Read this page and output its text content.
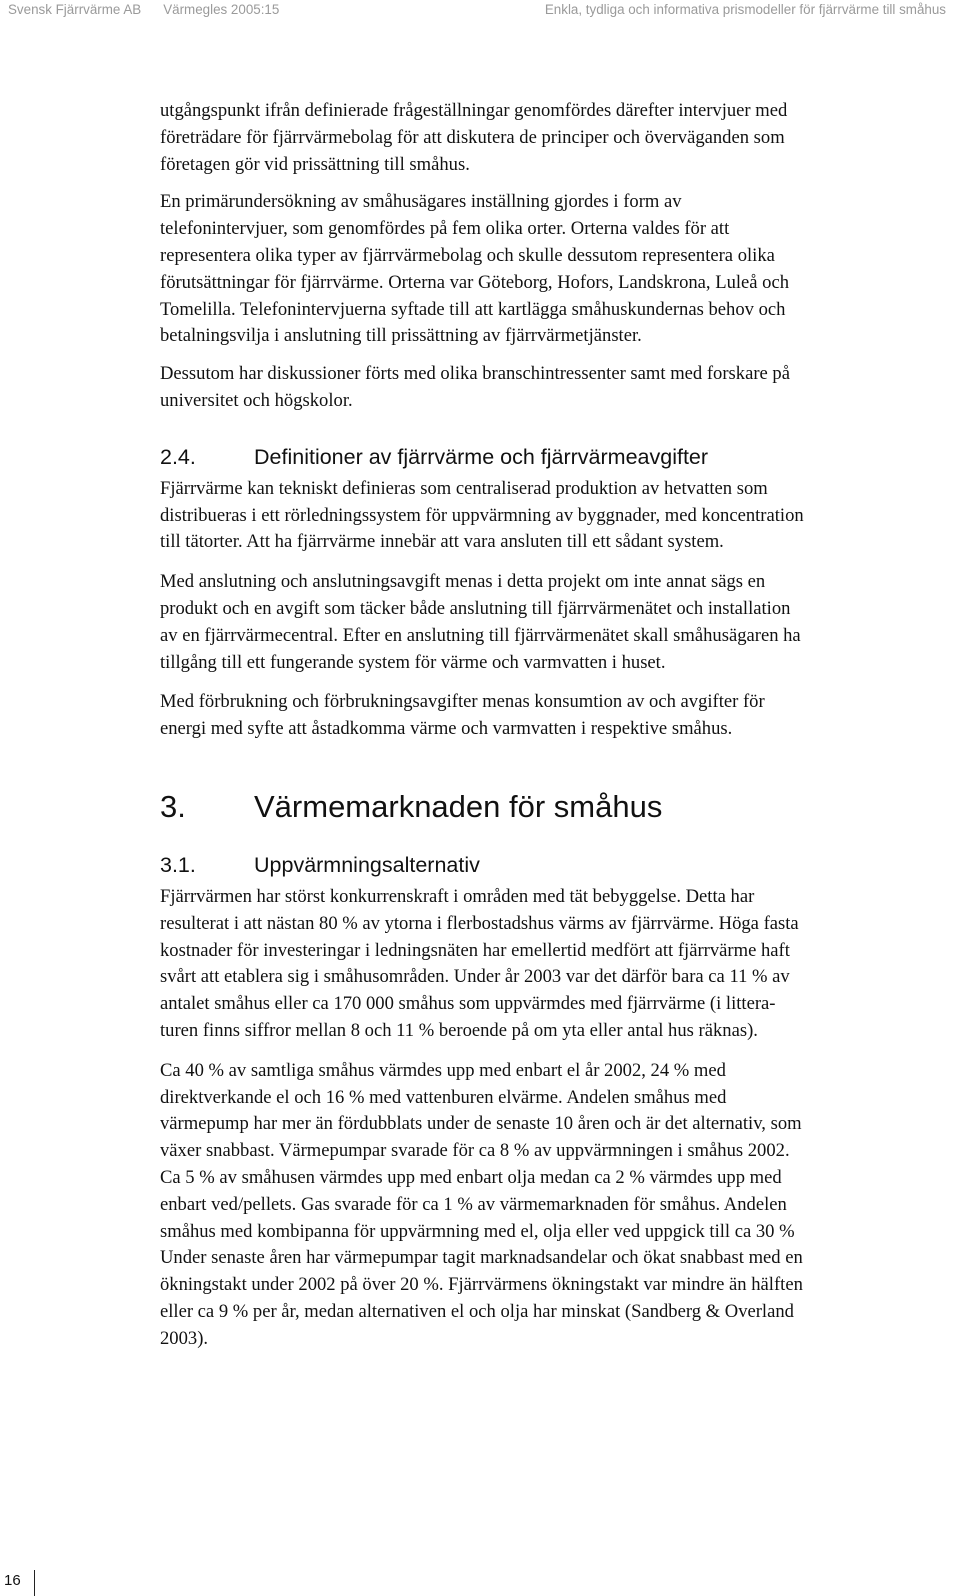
Svensk Fjärrvärme AB Värmegles 2005:15	Enkla, tydliga och informativa prismodeller för fjärrvärme till småhus

utgångspunkt ifrån definierade frågeställningar genomfördes därefter intervjuer med
företrädare för fjärrvärmebolag för att diskutera de principer och överväganden som
företagen gör vid prissättning till småhus.

En primärundersökning av småhusägares inställning gjordes i form av
telefonintervjuer, som genomfördes på fem olika orter. Orterna valdes för att
representera olika typer av fjärrvärmebolag och skulle dessutom representera olika
förutsättningar för fjärrvärme. Orterna var Göteborg, Hofors, Landskrona, Luleå och
Tomelilla. Telefonintervjuerna syftade till att kartlägga småhuskundernas behov och
betalningsvilja i anslutning till prissättning av fjärrvärmetjänster.

Dessutom har diskussioner förts med olika branschintressenter samt med forskare på
universitet och högskolor.

2.4.	Definitioner av fjärrvärme och fjärrvärmeavgifter

Fjärrvärme kan tekniskt definieras som centraliserad produktion av hetvatten som
distribueras i ett rörledningssystem för uppvärmning av byggnader, med koncentration
till tätorter. Att ha fjärrvärme innebär att vara ansluten till ett sådant system.

Med anslutning och anslutningsavgift menas i detta projekt om inte annat sägs en
produkt och en avgift som täcker både anslutning till fjärrvärmenätet och installation
av en fjärrvärmecentral. Efter en anslutning till fjärrvärmenätet skall småhusägaren ha
tillgång till ett fungerande system för värme och varmvatten i huset.

Med förbrukning och förbrukningsavgifter menas konsumtion av och avgifter för
energi med syfte att åstadkomma värme och varmvatten i respektive småhus.

3. Värmemarknaden för småhus
3.1.	Uppvärmningsalternativ

Fjärrvärmen har störst konkurrenskraft i områden med tät bebyggelse. Detta har
resulterat i att nästan 80 % av ytorna i flerbostadshus värms av fjärrvärme. Höga fasta
kostnader för investeringar i ledningsnäten har emellertid medfört att fjärrvärme haft
svårt att etablera sig i småhusområden. Under år 2003 var det därför bara ca 11 % av
antalet småhus eller ca 170 000 småhus som uppvärmdes med fjärrvärme (i littera-
turen finns siffror mellan 8 och 11 % beroende på om yta eller antal hus räknas).

Ca 40 % av samtliga småhus värmdes upp med enbart el år 2002, 24 % med
direktverkande el och 16 % med vattenburen elvärme. Andelen småhus med
värmepump har mer än fördubblats under de senaste 10 åren och är det alternativ, som
växer snabbast. Värmepumpar svarade för ca 8 % av uppvärmningen i småhus 2002.
Ca 5 % av småhusen värmdes upp med enbart olja medan ca 2 % värmdes upp med
enbart ved/pellets. Gas svarade för ca 1 % av värmemarknaden för småhus. Andelen
småhus med kombipanna för uppvärmning med el, olja eller ved uppgick till ca 30 %
Under senaste åren har värmepumpar tagit marknadsandelar och ökat snabbast med en
ökningstakt under 2002 på över 20 %. Fjärrvärmens ökningstakt var mindre än hälften
eller ca 9 % per år, medan alternativen el och olja har minskat (Sandberg & Overland
2003).

16
